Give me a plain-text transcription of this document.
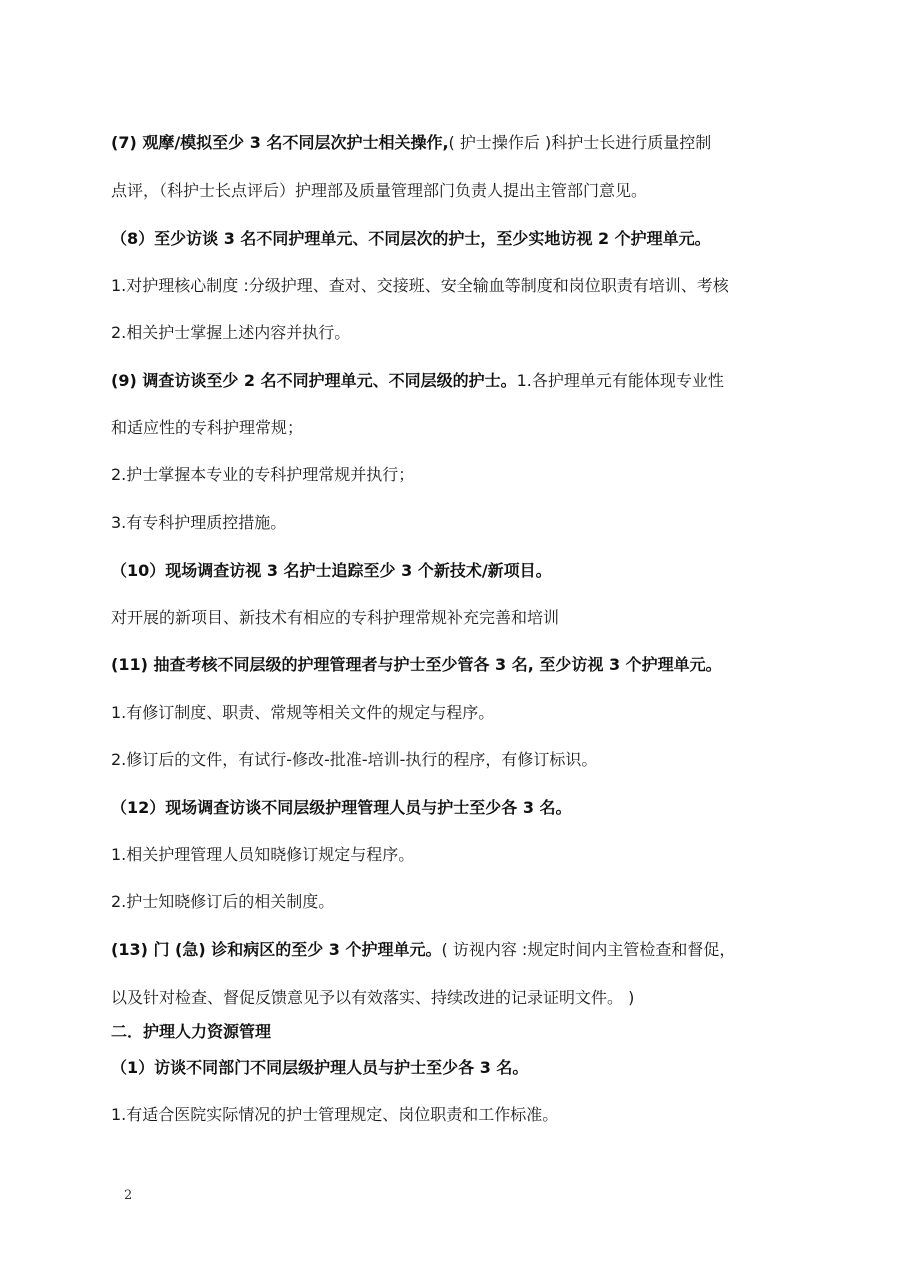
(7) 观摩/模拟至少 3 名不同层次护士相关操作,( 护士操作后 )科护士长进行质量控制
点评，（科护士长点评后）护理部及质量管理部门负责人提出主管部门意见。
（8）至少访谈 3 名不同护理单元、不同层次的护士，至少实地访视 2 个护理单元。
1.对护理核心制度 :分级护理、查对、交接班、安全输血等制度和岗位职责有培训、考核
2.相关护士掌握上述内容并执行。
(9) 调查访谈至少 2 名不同护理单元、不同层级的护士。1.各护理单元有能体现专业性
和适应性的专科护理常规；
2.护士掌握本专业的专科护理常规并执行；
3.有专科护理质控措施。
（10）现场调查访视 3 名护士追踪至少 3 个新技术/新项目。
对开展的新项目、新技术有相应的专科护理常规补充完善和培训
(11) 抽查考核不同层级的护理管理者与护士至少管各 3 名, 至少访视 3 个护理单元。
1.有修订制度、职责、常规等相关文件的规定与程序。
2.修订后的文件，有试行-修改-批准-培训-执行的程序，有修订标识。
（12）现场调查访谈不同层级护理管理人员与护士至少各 3 名。
1.相关护理管理人员知晓修订规定与程序。
2.护士知晓修订后的相关制度。
(13) 门 (急) 诊和病区的至少 3 个护理单元。( 访视内容 :规定时间内主管检查和督促，
以及针对检查、督促反馈意见予以有效落实、持续改进的记录证明文件。 )
二．护理人力资源管理
（1）访谈不同部门不同层级护理人员与护士至少各 3 名。
1.有适合医院实际情况的护士管理规定、岗位职责和工作标准。
2
